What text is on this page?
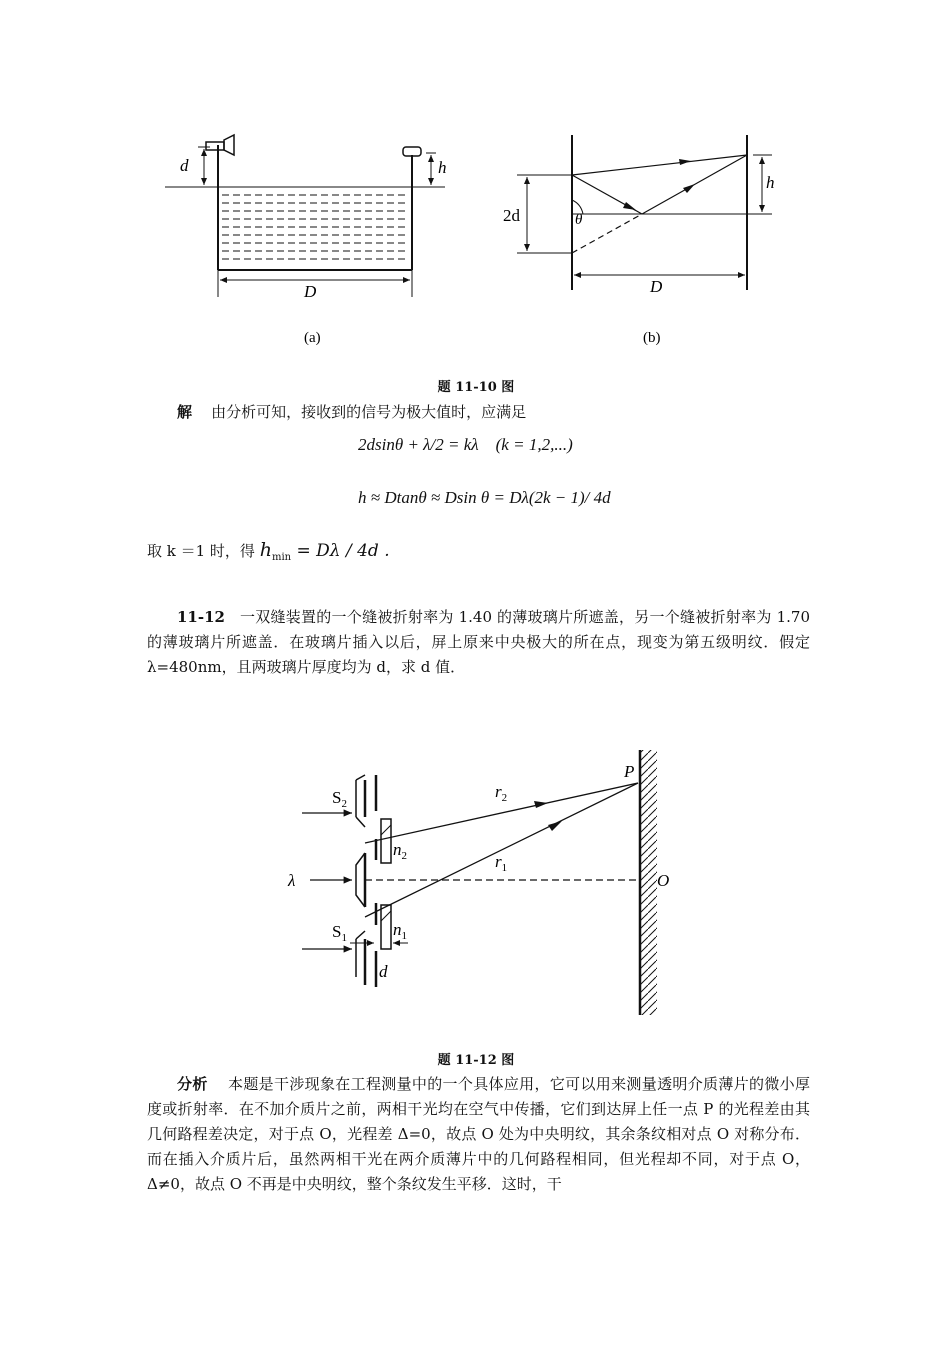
d	h
D
(a)
θ
2d
h
D
(b)
题 11-10 图
解 由分析可知，接收到的信号为极大值时，应满足
2dsinθ + λ/2 = kλ (k = 1,2,...)
h ≈ Dtanθ ≈ Dsin θ = Dλ(2k − 1)/ 4d
取 k ＝1 时，得 $h_{min} = D\lambda / 4d$ .
11-12 一双缝装置的一个缝被折射率为 1.40 的薄玻璃片所遮盖，另一个缝被折射率为 1.70 的薄玻璃片所遮盖．在玻璃片插入以后，屏上原来中央极大的所在点，现变为第五级明纹．假定 λ=480nm，且两玻璃片厚度均为 d，求 d 值．
$S_2$
$S_1$
λ
$n_2$
$n_1$
$r_2$
$r_1$
P
O
d
题 11-12 图
分析 本题是干涉现象在工程测量中的一个具体应用，它可以用来测量透明介质薄片的微小厚度或折射率．在不加介质片之前，两相干光均在空气中传播，它们到达屏上任一点 P 的光程差由其几何路程差决定，对于点 O，光程差 Δ=0，故点 O 处为中央明纹，其余条纹相对点 O 对称分布．而在插入介质片后，虽然两相干光在两介质薄片中的几何路程相同，但光程却不同，对于点 O，Δ≠0，故点 O 不再是中央明纹，整个条纹发生平移．这时，干
